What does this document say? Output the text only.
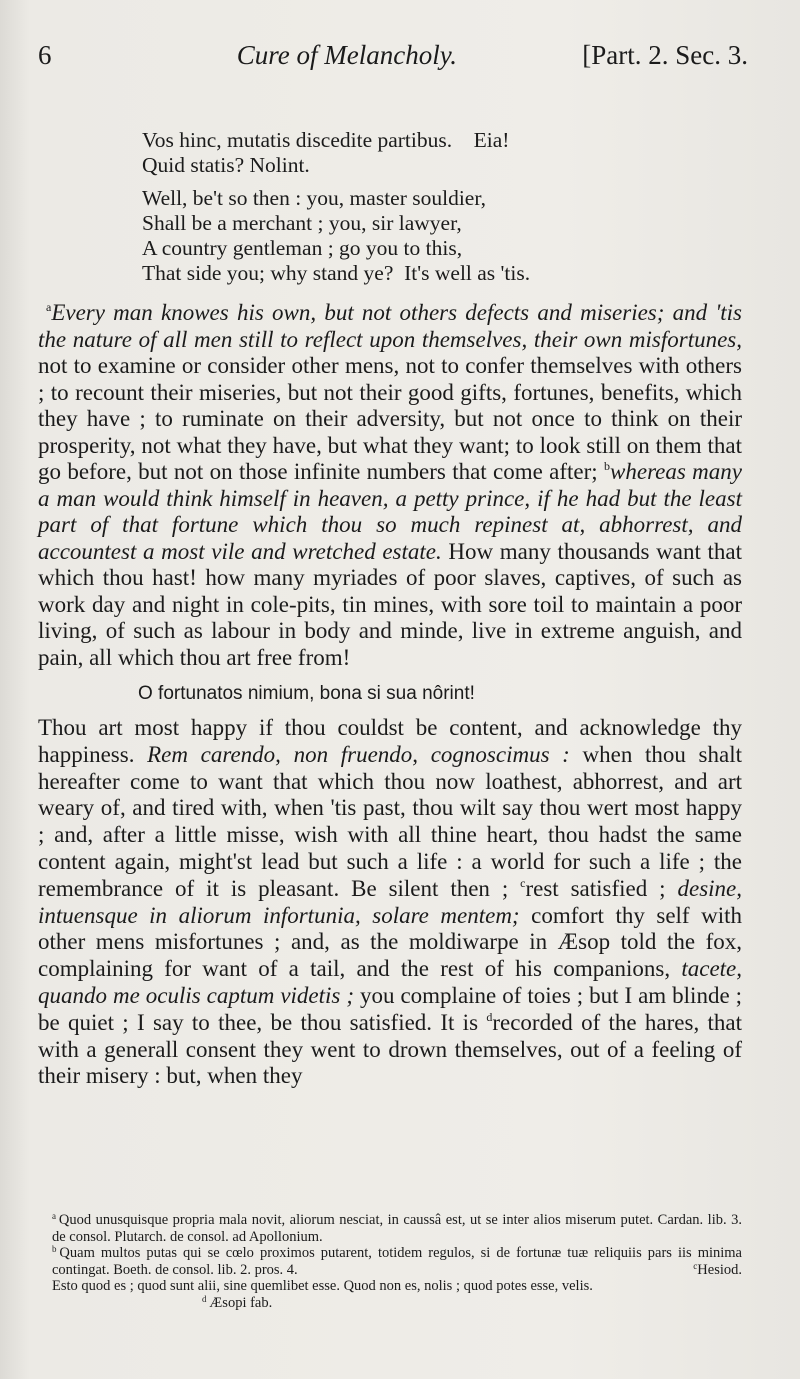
6	Cure of Melancholy.	[Part. 2. Sec. 3.
Vos hinc, mutatis discedite partibus.    Eia!
Quid statis? Nolint.
Well, be't so then : you, master souldier,
Shall be a merchant ; you, sir lawyer,
A country gentleman ; go you to this,
That side you; why stand ye?  It's well as 'tis.

$^a$Every man knowes his own, but not others defects and miseries; and 'tis the nature of all men still to reflect upon themselves, their own misfortunes, not to examine or consider other mens, not to confer themselves with others ; to recount their miseries, but not their good gifts, fortunes, benefits, which they have ; to ruminate on their adversity, but not once to think on their prosperity, not what they have, but what they want; to look still on them that go before, but not on those infinite numbers that come after; $^b$whereas many a man would think himself in heaven, a petty prince, if he had but the least part of that fortune which thou so much repinest at, abhorrest, and accountest a most vile and wretched estate. How many thousands want that which thou hast! how many myriades of poor slaves, captives, of such as work day and night in cole-pits, tin mines, with sore toil to maintain a poor living, of such as labour in body and minde, live in extreme anguish, and pain, all which thou art free from!

O fortunatos nimium, bona si sua nôrint!

Thou art most happy if thou couldst be content, and acknowledge thy happiness. Rem carendo, non fruendo, cognoscimus : when thou shalt hereafter come to want that which thou now loathest, abhorrest, and art weary of, and tired with, when 'tis past, thou wilt say thou wert most happy ; and, after a little misse, wish with all thine heart, thou hadst the same content again, might'st lead but such a life : a world for such a life ; the remembrance of it is pleasant. Be silent then ; $^c$rest satisfied ; desine, intuensque in aliorum infortunia, solare mentem; comfort thy self with other mens misfortunes ; and, as the moldiwarpe in Æsop told the fox, complaining for want of a tail, and the rest of his companions, tacete, quando me oculis captum videtis ; you complaine of toies ; but I am blinde ; be quiet ; I say to thee, be thou satisfied. It is $^d$recorded of the hares, that with a generall consent they went to drown themselves, out of a feeling of their misery : but, when they

$^a$  Quod unusquisque propria mala novit, aliorum nesciat, in caussâ est, ut se inter alios miserum putet. Cardan. lib. 3. de consol. Plutarch. de consol. ad Apollonium.
$^b$  Quam multos putas qui se cœlo proximos putarent, totidem regulos, si de fortunæ tuæ reliquiis pars iis minima contingat. Boeth. de consol. lib. 2. pros. 4.	$^c$Hesiod.
Esto quod es ; quod sunt alii, sine quemlibet esse. Quod non es, nolis ; quod potes esse, velis.
$^d$  Æsopi fab.
